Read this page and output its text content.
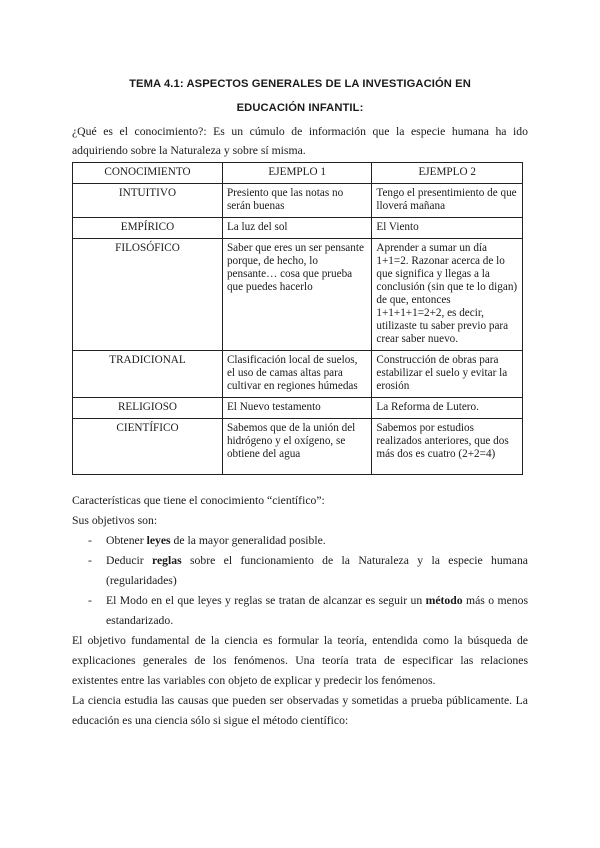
TEMA 4.1: ASPECTOS GENERALES DE LA INVESTIGACIÓN EN
EDUCACIÓN INFANTIL:
¿Qué es el conocimiento?: Es un cúmulo de información que la especie humana ha ido adquiriendo sobre la Naturaleza y sobre sí misma.
CONOCIMIENTO	EJEMPLO 1	EJEMPLO 2
INTUITIVO	Presiento que las notas no serán buenas	Tengo el presentimiento de que lloverá mañana
EMPÍRICO	La luz del sol	El Viento
FILOSÓFICO	Saber que eres un ser pensante porque, de hecho, lo pensante… cosa que prueba que puedes hacerlo	Aprender a sumar un día 1+1=2. Razonar acerca de lo que significa y llegas a la conclusión (sin que te lo digan) de que, entonces 1+1+1+1=2+2, es decir, utilizaste tu saber previo para crear saber nuevo.
TRADICIONAL	Clasificación local de suelos, el uso de camas altas para cultivar en regiones húmedas	Construcción de obras para estabilizar el suelo y evitar la erosión
RELIGIOSO	El Nuevo testamento	La Reforma de Lutero.
CIENTÍFICO	Sabemos que de la unión del hidrógeno y el oxígeno, se obtiene del agua	Sabemos por estudios realizados anteriores, que dos más dos es cuatro (2+2=4)

Características que tiene el conocimiento “científico”:

Sus objetivos son:

- Obtener leyes de la mayor generalidad posible.
- Deducir reglas sobre el funcionamiento de la Naturaleza y la especie humana (regularidades)
- El Modo en el que leyes y reglas se tratan de alcanzar es seguir un método más o menos estandarizado.

El objetivo fundamental de la ciencia es formular la teoría, entendida como la búsqueda de explicaciones generales de los fenómenos. Una teoría trata de especificar las relaciones existentes entre las variables con objeto de explicar y predecir los fenómenos.

La ciencia estudia las causas que pueden ser observadas y sometidas a prueba públicamente. La educación es una ciencia sólo si sigue el método científico:
